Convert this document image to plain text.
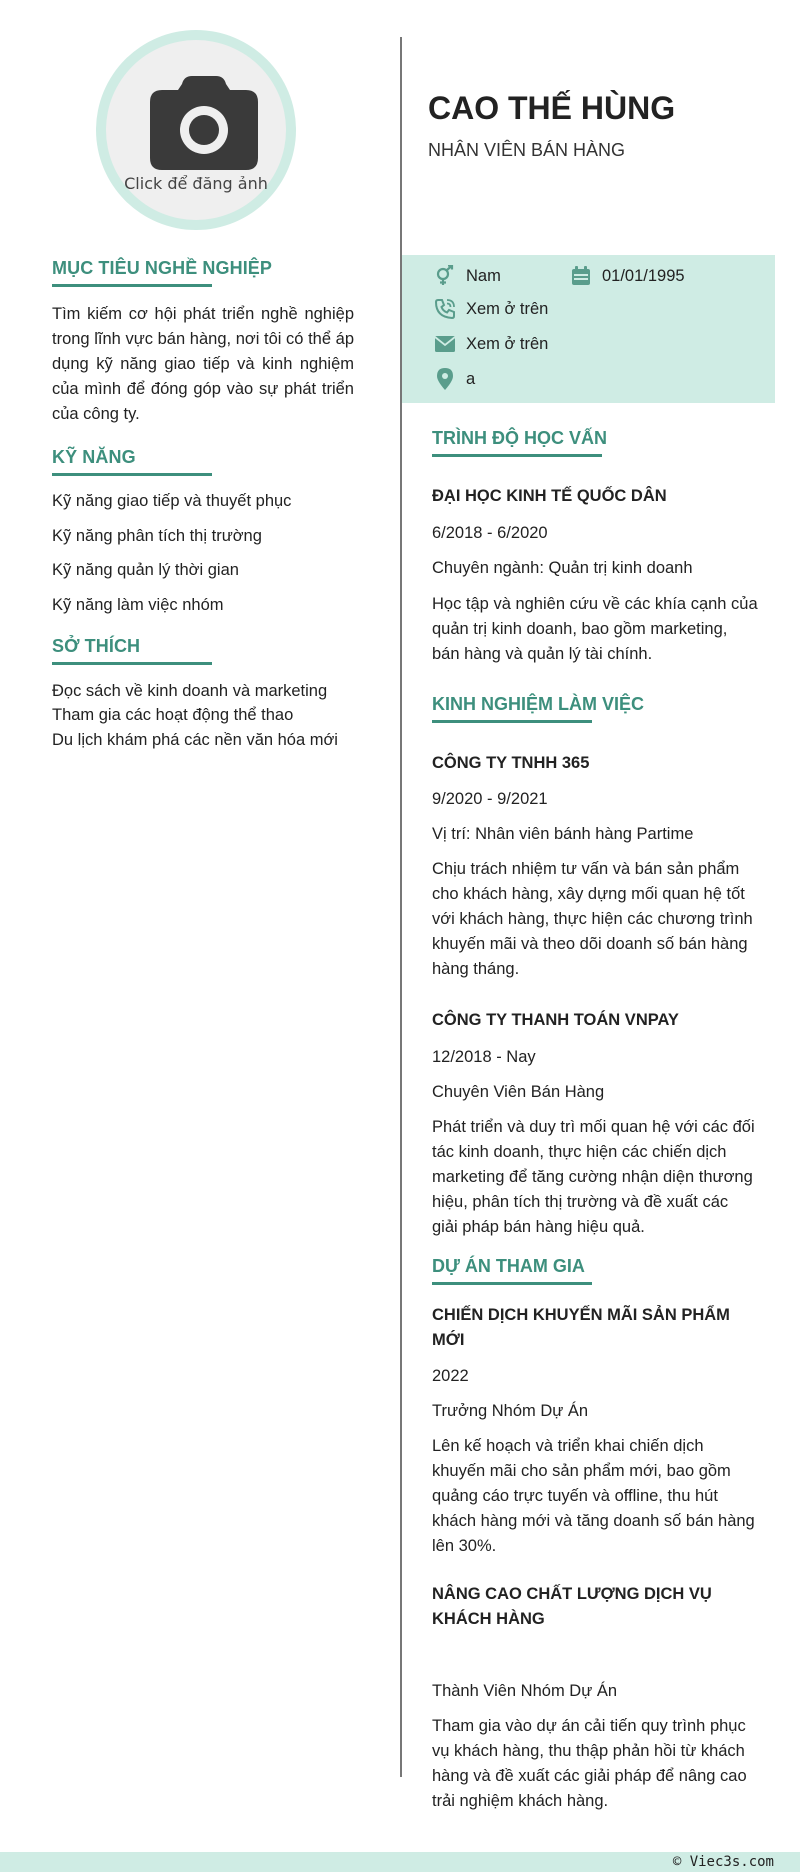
Click để đăng ảnh
MỤC TIÊU NGHỀ NGHIỆP
Tìm kiếm cơ hội phát triển nghề nghiệp trong lĩnh vực bán hàng, nơi tôi có thể áp dụng kỹ năng giao tiếp và kinh nghiệm của mình để đóng góp vào sự phát triển của công ty.
KỸ NĂNG
Kỹ năng giao tiếp và thuyết phục
Kỹ năng phân tích thị trường
Kỹ năng quản lý thời gian
Kỹ năng làm việc nhóm
SỞ THÍCH
Đọc sách về kinh doanh và marketing
Tham gia các hoạt động thể thao
Du lịch khám phá các nền văn hóa mới
CAO THẾ HÙNG
NHÂN VIÊN BÁN HÀNG
Nam	01/01/1995
Xem ở trên
Xem ở trên
a
TRÌNH ĐỘ HỌC VẤN
ĐẠI HỌC KINH TẾ QUỐC DÂN
6/2018 - 6/2020
Chuyên ngành: Quản trị kinh doanh
Học tập và nghiên cứu về các khía cạnh của quản trị kinh doanh, bao gồm marketing, bán hàng và quản lý tài chính.
KINH NGHIỆM LÀM VIỆC
CÔNG TY TNHH 365
9/2020 - 9/2021
Vị trí: Nhân viên bánh hàng Partime
Chịu trách nhiệm tư vấn và bán sản phẩm cho khách hàng, xây dựng mối quan hệ tốt với khách hàng, thực hiện các chương trình khuyến mãi và theo dõi doanh số bán hàng hàng tháng.
CÔNG TY THANH TOÁN VNPAY
12/2018 - Nay
Chuyên Viên Bán Hàng
Phát triển và duy trì mối quan hệ với các đối tác kinh doanh, thực hiện các chiến dịch marketing để tăng cường nhận diện thương hiệu, phân tích thị trường và đề xuất các giải pháp bán hàng hiệu quả.
DỰ ÁN THAM GIA
CHIẾN DỊCH KHUYẾN MÃI SẢN PHẨM MỚI
2022
Trưởng Nhóm Dự Án
Lên kế hoạch và triển khai chiến dịch khuyến mãi cho sản phẩm mới, bao gồm quảng cáo trực tuyến và offline, thu hút khách hàng mới và tăng doanh số bán hàng lên 30%.
NÂNG CAO CHẤT LƯỢNG DỊCH VỤ KHÁCH HÀNG
Thành Viên Nhóm Dự Án
Tham gia vào dự án cải tiến quy trình phục vụ khách hàng, thu thập phản hồi từ khách hàng và đề xuất các giải pháp để nâng cao trải nghiệm khách hàng.
© Viec3s.com
